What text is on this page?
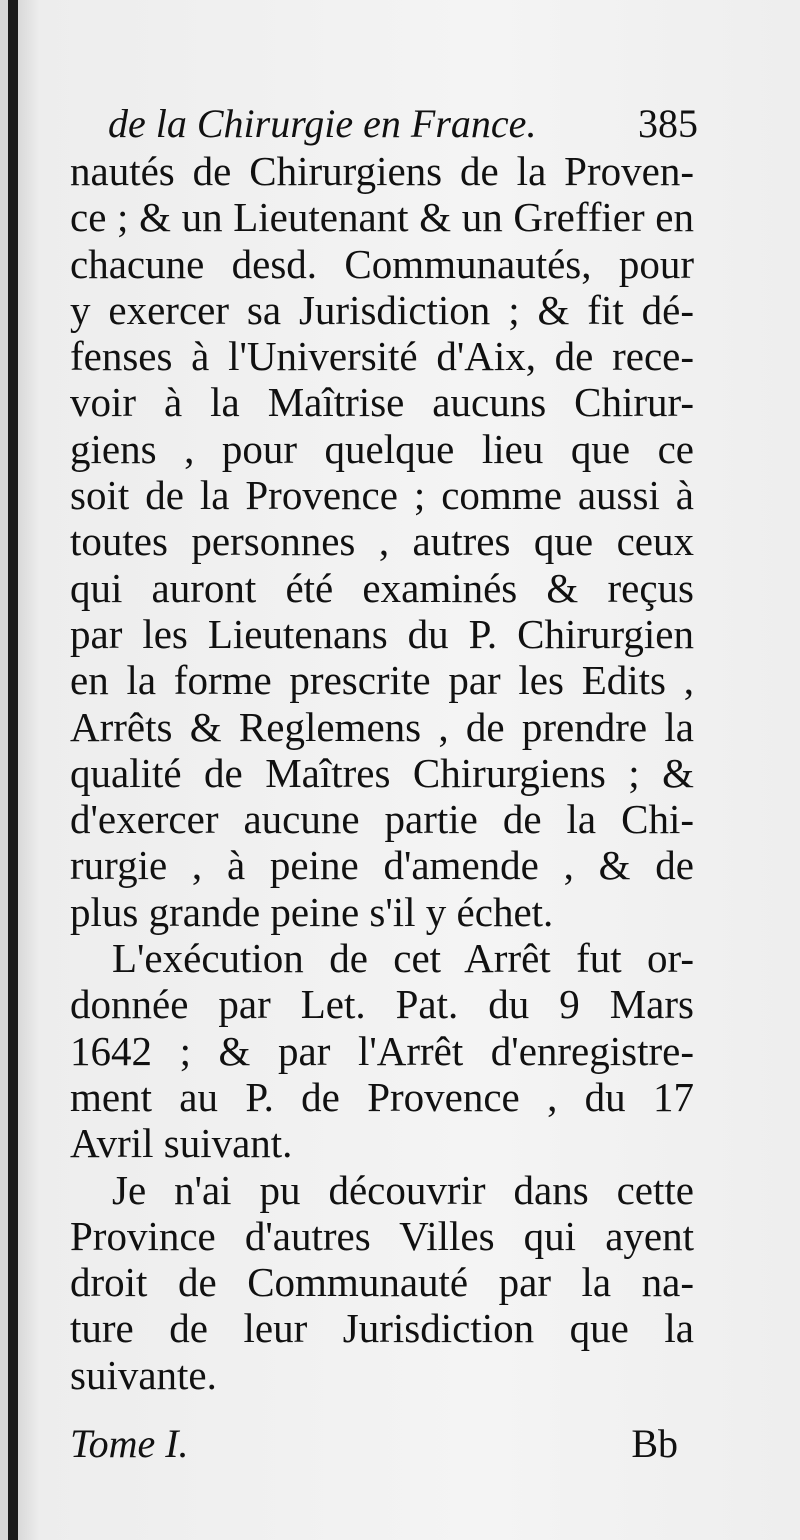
de la Chirurgie en France.	385
nautés de Chirurgiens de la Proven-
ce ; & un Lieutenant & un Greffier en
chacune desd. Communautés, pour
y exercer sa Jurisdiction ; & fit dé-
fenses à l'Université d'Aix, de rece-
voir à la Maîtrise aucuns Chirur-
giens , pour quelque lieu que ce
soit de la Provence ; comme aussi à
toutes personnes , autres que ceux
qui auront été examinés & reçus
par les Lieutenans du P. Chirurgien
en la forme prescrite par les Edits ,
Arrêts & Reglemens , de prendre la
qualité de Maîtres Chirurgiens ; &
d'exercer aucune partie de la Chi-
rurgie , à peine d'amende , & de
plus grande peine s'il y échet.
L'exécution de cet Arrêt fut or-
donnée par Let. Pat. du 9 Mars
1642 ; & par l'Arrêt d'enregistre-
ment au P. de Provence , du 17
Avril suivant.
Je n'ai pu découvrir dans cette
Province d'autres Villes qui ayent
droit de Communauté par la na-
ture de leur Jurisdiction que la
suivante.
Tome I.	Bb
